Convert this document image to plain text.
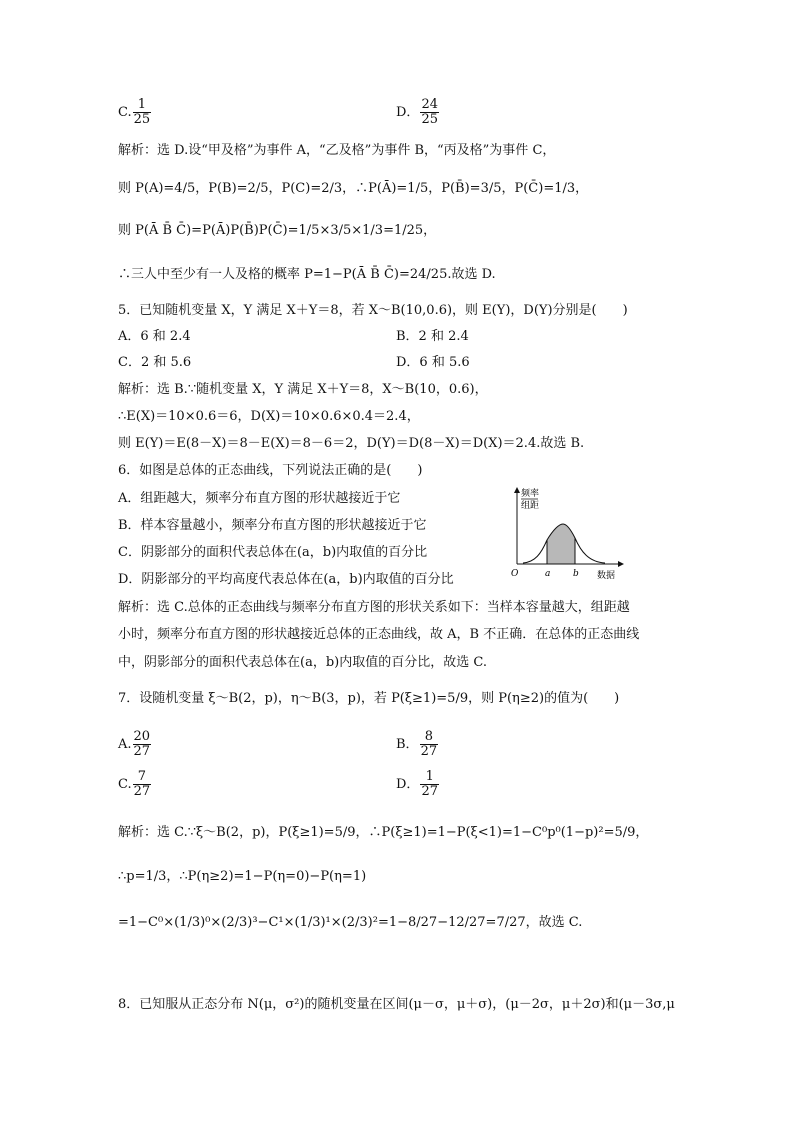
C. $\frac{1}{25}$	D． $\frac{24}{25}$
解析：选 D.设“甲及格”为事件 A，“乙及格”为事件 B，“丙及格”为事件 C，
则 P(A)=4/5，P(B)=2/5，P(C)=2/3，∴P(Ā)=1/5，P(B̄)=3/5，P(C̄)=1/3，
则 P(Ā B̄ C̄)=P(Ā)P(B̄)P(C̄)=1/5×3/5×1/3=1/25，
∴三人中至少有一人及格的概率 P=1−P(Ā B̄ C̄)=24/25.故选 D.
5．已知随机变量 X，Y 满足 X＋Y＝8，若 X～B(10,0.6)，则 E(Y)，D(Y)分别是(　　)
A．6 和 2.4	B．2 和 2.4
C．2 和 5.6	D．6 和 5.6
解析：选 B.∵随机变量 X，Y 满足 X＋Y＝8，X～B(10，0.6)，
∴E(X)＝10×0.6＝6，D(X)＝10×0.6×0.4＝2.4，
则 E(Y)＝E(8－X)＝8－E(X)＝8－6＝2，D(Y)＝D(8－X)＝D(X)＝2.4.故选 B.
6．如图是总体的正态曲线，下列说法正确的是(　　)
A．组距越大，频率分布直方图的形状越接近于它
B．样本容量越小，频率分布直方图的形状越接近于它
C．阴影部分的面积代表总体在(a，b)内取值的百分比
D．阴影部分的平均高度代表总体在(a，b)内取值的百分比
频率
组距
O	a	b 数据
解析：选 C.总体的正态曲线与频率分布直方图的形状关系如下：当样本容量越大，组距越
小时，频率分布直方图的形状越接近总体的正态曲线，故 A，B 不正确．在总体的正态曲线
中，阴影部分的面积代表总体在(a，b)内取值的百分比，故选 C.
7．设随机变量 ξ～B(2，p)，η～B(3，p)，若 P(ξ≥1)=5/9，则 P(η≥2)的值为(　　)
A. $\frac{20}{27}$	B． $\frac{8}{27}$
C. $\frac{7}{27}$	D． $\frac{1}{27}$
解析：选 C.∵ξ～B(2，p)，P(ξ≥1)=5/9，∴P(ξ≥1)=1−P(ξ<1)=1−C⁰p⁰(1−p)²=5/9，
∴p=1/3，∴P(η≥2)=1−P(η=0)−P(η=1)
=1−C⁰×(1/3)⁰×(2/3)³−C¹×(1/3)¹×(2/3)²=1−8/27−12/27=7/27，故选 C.
8．已知服从正态分布 N(μ，σ²)的随机变量在区间(μ－σ，μ＋σ)，(μ－2σ，μ＋2σ)和(μ－3σ,μ
